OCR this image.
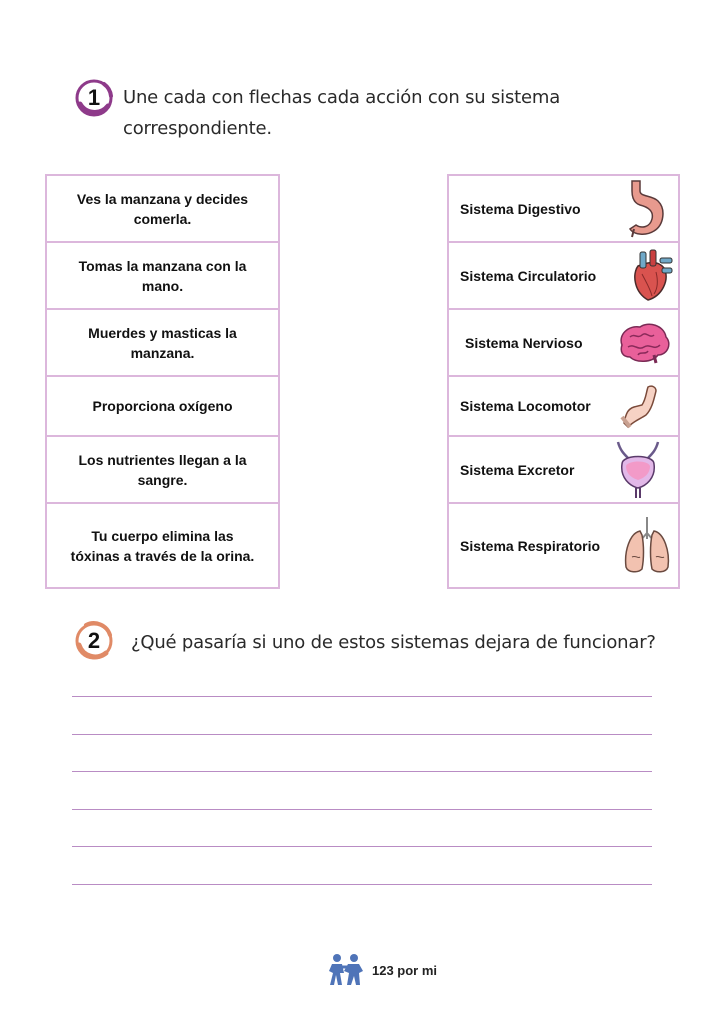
1	Une cada con flechas cada acción con su sistema
correspondiente.
Ves la manzana y decides
comerla.
Tomas la manzana con la
mano.
Muerdes y masticas la
manzana.
Proporciona oxígeno
Los nutrientes llegan a la
sangre.
Tu cuerpo elimina las
tóxinas a través de la orina.
Sistema Digestivo
Sistema Circulatorio
Sistema Nervioso
Sistema Locomotor
Sistema Excretor
Sistema Respiratorio
2	¿Qué pasaría si uno de estos sistemas dejara de funcionar?
123 por mi
